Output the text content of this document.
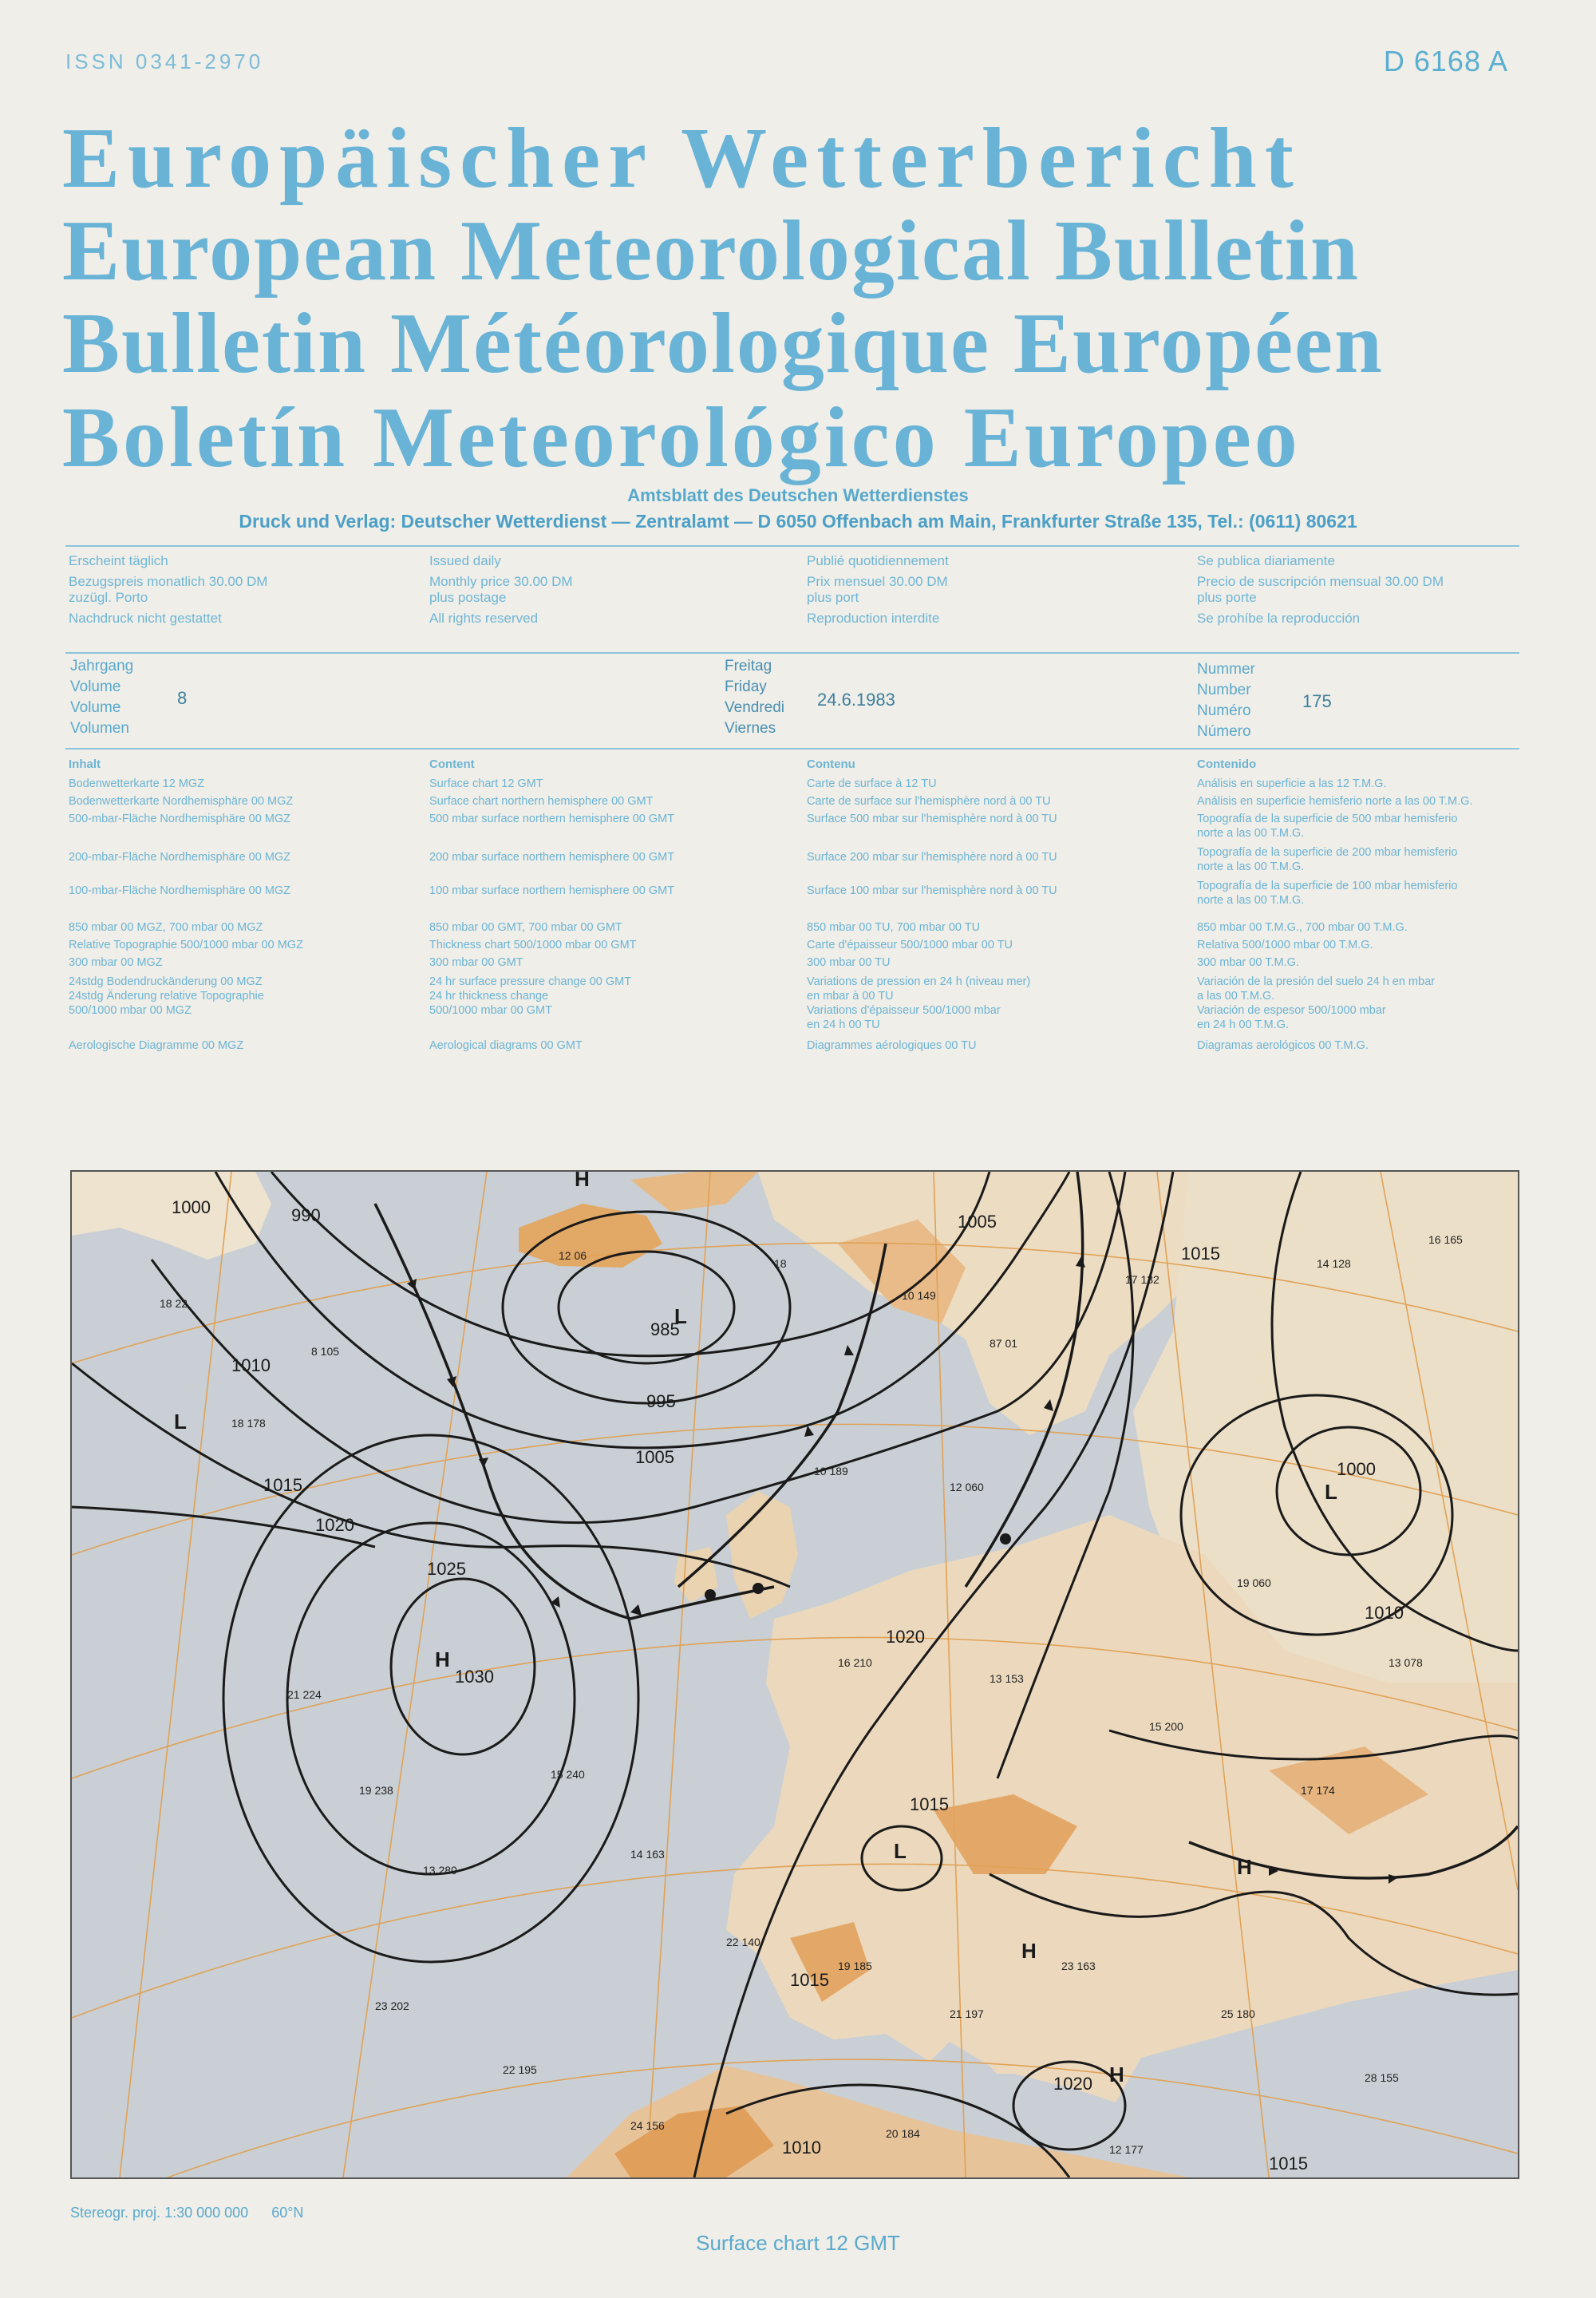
ISSN 0341-2970	D 6168 A
Europäischer Wetterbericht
European Meteorological Bulletin
Bulletin Météorologique Européen
Boletín Meteorológico Europeo
Amtsblatt des Deutschen Wetterdienstes
Druck und Verlag: Deutscher Wetterdienst — Zentralamt — D 6050 Offenbach am Main, Frankfurter Straße 135, Tel.: (0611) 80621
Erscheint täglich
Bezugspreis monatlich 30.00 DM
zuzügl. Porto
Nachdruck nicht gestattet
Issued daily
Monthly price 30.00 DM
plus postage
All rights reserved
Publié quotidiennement
Prix mensuel 30.00 DM
plus port
Reproduction interdite
Se publica diariamente
Precio de suscripción mensual 30.00 DM
plus porte
Se prohíbe la reproducción
Jahrgang
Volume
Volume
Volumen
8
Freitag
Friday
Vendredi
Viernes
24.6.1983
Nummer
Number
Numéro
Número
175
Inhalt
Bodenwetterkarte 12 MGZ
Bodenwetterkarte Nordhemisphäre 00 MGZ
500-mbar-Fläche Nordhemisphäre 00 MGZ
200-mbar-Fläche Nordhemisphäre 00 MGZ
100-mbar-Fläche Nordhemisphäre 00 MGZ
850 mbar 00 MGZ, 700 mbar 00 MGZ
Relative Topographie 500/1000 mbar 00 MGZ
300 mbar 00 MGZ
24stdg Bodendruckänderung 00 MGZ
24stdg Änderung relative Topographie
500/1000 mbar 00 MGZ
Aerologische Diagramme 00 MGZ
Content
Surface chart 12 GMT
Surface chart northern hemisphere 00 GMT
500 mbar surface northern hemisphere 00 GMT
200 mbar surface northern hemisphere 00 GMT
100 mbar surface northern hemisphere 00 GMT
850 mbar 00 GMT, 700 mbar 00 GMT
Thickness chart 500/1000 mbar 00 GMT
300 mbar 00 GMT
24 hr surface pressure change 00 GMT
24 hr thickness change
500/1000 mbar 00 GMT
Aerological diagrams 00 GMT
Contenu
Carte de surface à 12 TU
Carte de surface sur l'hemisphère nord à 00 TU
Surface 500 mbar sur l'hemisphère nord à 00 TU
Surface 200 mbar sur l'hemisphère nord à 00 TU
Surface 100 mbar sur l'hemisphère nord à 00 TU
850 mbar 00 TU, 700 mbar 00 TU
Carte d'épaisseur 500/1000 mbar 00 TU
300 mbar 00 TU
Variations de pression en 24 h (niveau mer)
en mbar à 00 TU
Variations d'épaisseur 500/1000 mbar
en 24 h 00 TU
Diagrammes aérologiques 00 TU
Contenido
Análisis en superficie a las 12 T.M.G.
Análisis en superficie hemisferio norte a las 00 T.M.G.
Topografía de la superficie de 500 mbar hemisferio
norte a las 00 T.M.G.
Topografía de la superficie de 200 mbar hemisferio
norte a las 00 T.M.G.
Topografía de la superficie de 100 mbar hemisferio
norte a las 00 T.M.G.
850 mbar 00 T.M.G., 700 mbar 00 T.M.G.
Relativa 500/1000 mbar 00 T.M.G.
300 mbar 00 T.M.G.
Variación de la presión del suelo 24 h en mbar
a las 00 T.M.G.
Variación de espesor 500/1000 mbar
en 24 h 00 T.M.G.
Diagramas aerológicos 00 T.M.G.
18 22
8 105
12 06
18
10 149
87 01
17 132
14 128
16 165
18 178
10 189
12 060
19 060
13 078
16 210
13 153
15 200
17 174
21 224
19 238
13 280
15 240
14 163
22 140
19 185
21 197
23 163
25 180
23 202
22 195
24 156
20 184
12 177
28 155
1000	990
985
995
1005
1010
1015
1020
1025
1030
1005
1000
1015
1020
1010
1015
1020
1015
1010
1015
L
L
L
H
H
H
H
L
H
Stereogr. proj. 1:30 000 000 60°N
Surface chart 12 GMT
